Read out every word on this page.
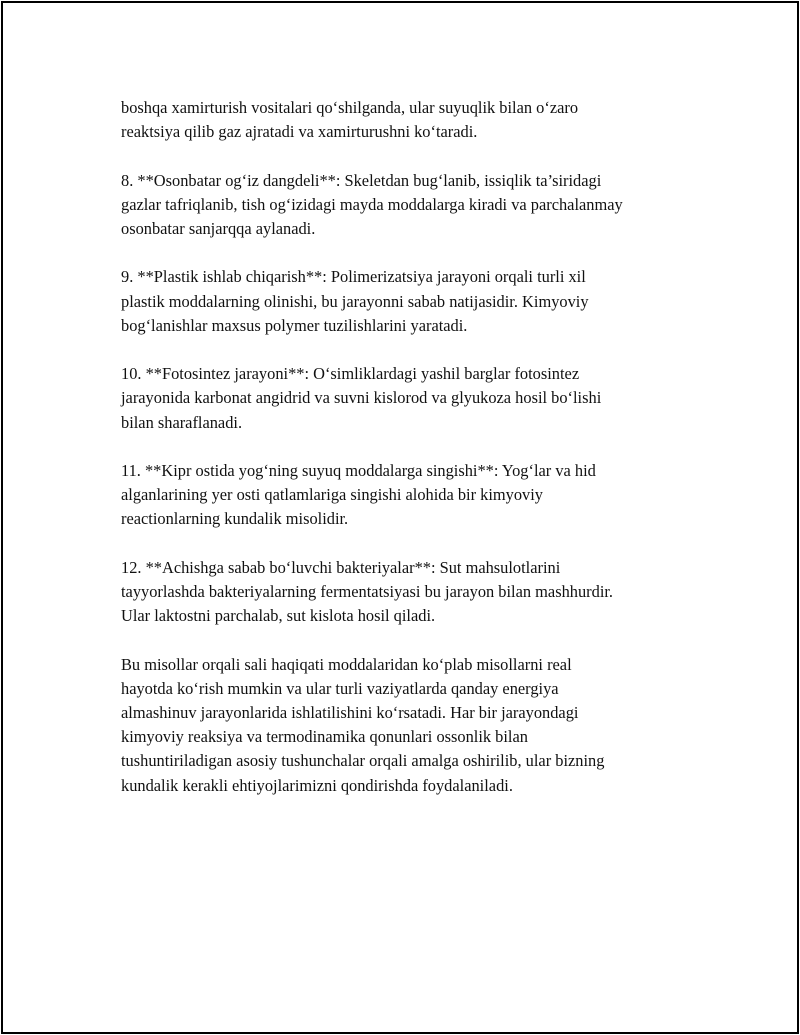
boshqa xamirturish vositalari qo‘shilganda, ular suyuqlik bilan o‘zaro
reaktsiya qilib gaz ajratadi va xamirturushni ko‘taradi.

8. **Osonbatar og‘iz dangdeli**: Skeletdan bug‘lanib, issiqlik ta’siridagi
gazlar tafriqlanib, tish og‘izidagi mayda moddalarga kiradi va parchalanmay
osonbatar sanjarqqa aylanadi.

9. **Plastik ishlab chiqarish**: Polimerizatsiya jarayoni orqali turli xil
plastik moddalarning olinishi, bu jarayonni sabab natijasidir. Kimyoviy
bog‘lanishlar maxsus polymer tuzilishlarini yaratadi.

10. **Fotosintez jarayoni**: O‘simliklardagi yashil barglar fotosintez
jarayonida karbonat angidrid va suvni kislorod va glyukoza hosil bo‘lishi
bilan sharaflanadi.

11. **Kipr ostida yog‘ning suyuq moddalarga singishi**: Yog‘lar va hid
alganlarining yer osti qatlamlariga singishi alohida bir kimyoviy
reactionlarning kundalik misolidir.

12. **Achishga sabab bo‘luvchi bakteriyalar**: Sut mahsulotlarini
tayyorlashda bakteriyalarning fermentatsiyasi bu jarayon bilan mashhurdir.
Ular laktostni parchalab, sut kislota hosil qiladi.

Bu misollar orqali sali haqiqati moddalaridan ko‘plab misollarni real
hayotda ko‘rish mumkin va ular turli vaziyatlarda qanday energiya
almashinuv jarayonlarida ishlatilishini ko‘rsatadi. Har bir jarayondagi
kimyoviy reaksiya va termodinamika qonunlari ossonlik bilan
tushuntiriladigan asosiy tushunchalar orqali amalga oshirilib, ular bizning
kundalik kerakli ehtiyojlarimizni qondirishda foydalaniladi.
